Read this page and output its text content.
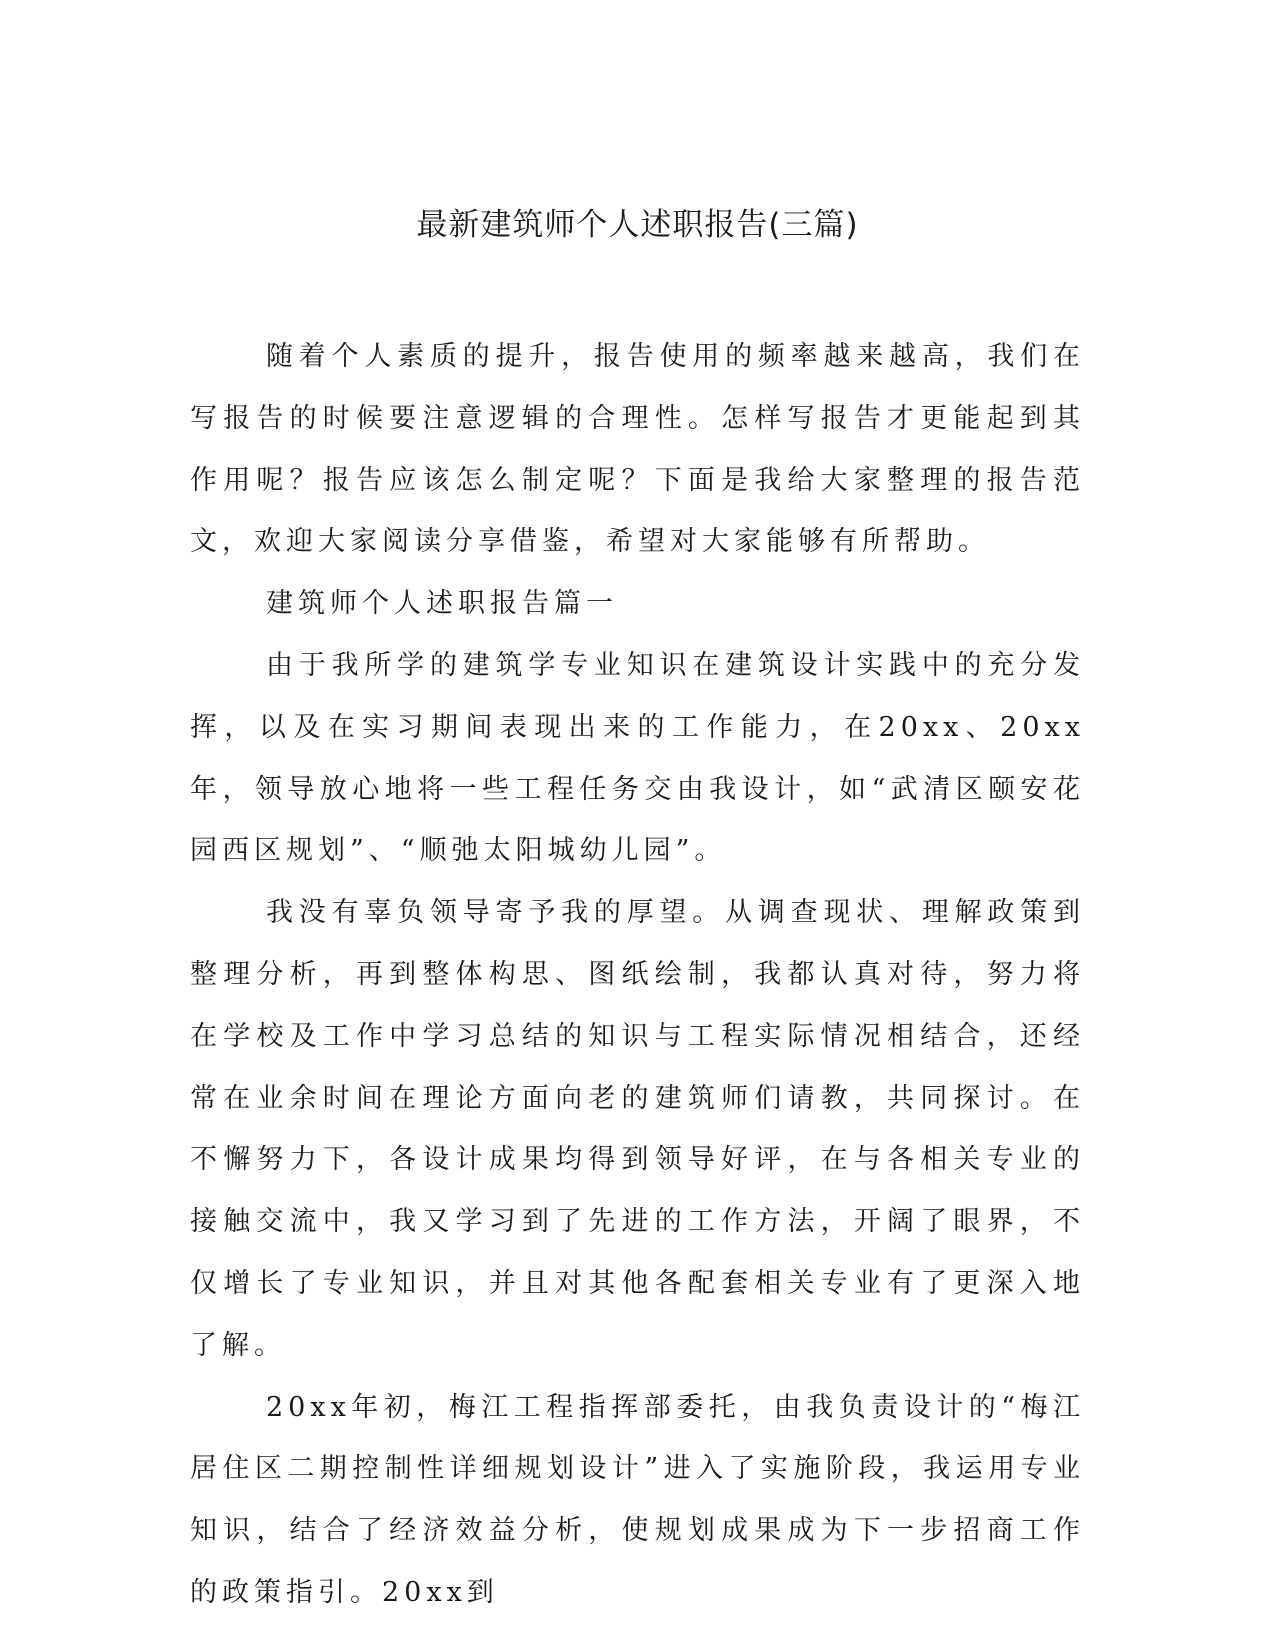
最新建筑师个人述职报告(三篇)

随着个人素质的提升，报告使用的频率越来越高，我们在写报告的时候要注意逻辑的合理性。怎样写报告才更能起到其作用呢？报告应该怎么制定呢？下面是我给大家整理的报告范文，欢迎大家阅读分享借鉴，希望对大家能够有所帮助。

建筑师个人述职报告篇一

由于我所学的建筑学专业知识在建筑设计实践中的充分发挥，以及在实习期间表现出来的工作能力，在20xx、20xx年，领导放心地将一些工程任务交由我设计，如“武清区颐安花园西区规划”、“顺弛太阳城幼儿园”。

我没有辜负领导寄予我的厚望。从调查现状、理解政策到整理分析，再到整体构思、图纸绘制，我都认真对待，努力将在学校及工作中学习总结的知识与工程实际情况相结合，还经常在业余时间在理论方面向老的建筑师们请教，共同探讨。在不懈努力下，各设计成果均得到领导好评，在与各相关专业的接触交流中，我又学习到了先进的工作方法，开阔了眼界，不仅增长了专业知识，并且对其他各配套相关专业有了更深入地了解。

20xx年初，梅江工程指挥部委托，由我负责设计的“梅江居住区二期控制性详细规划设计”进入了实施阶段，我运用专业知识，结合了经济效益分析，使规划成果成为下一步招商工作的政策指引。20xx到
